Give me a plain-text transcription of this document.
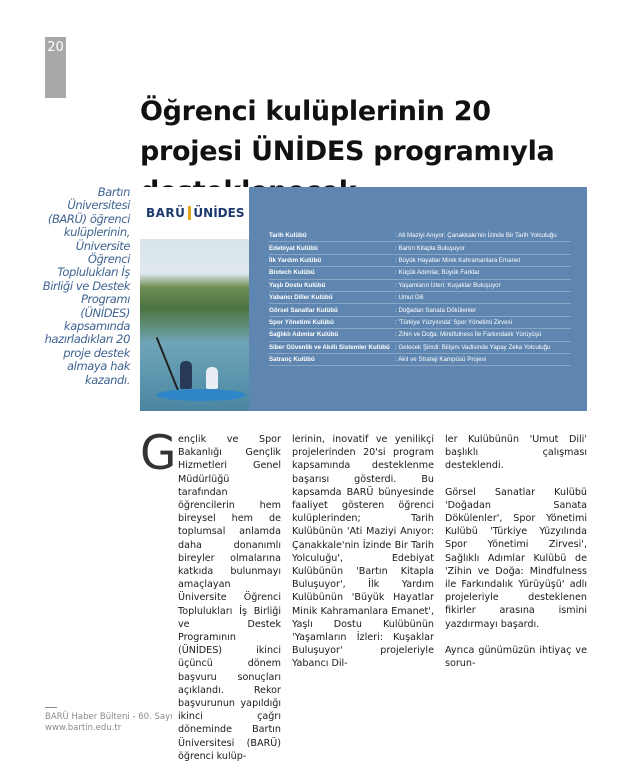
20
Öğrenci kulüplerinin 20 projesi ÜNİDES programıyla
Bartın Üniversitesi (BARÜ) öğrenci kulüplerinin, Üniversite Öğrenci Toplulukları İş Birliği ve Destek Programı (ÜNİDES) kapsamında hazırladıkları 20 proje destek almaya hak kazandı.
BARÜ ÜNİDES
Tarih Kulübü	: Ati Maziyi Anıyor: Çanakkale'nin İzinde Bir Tarih Yolculuğu
Edebiyat Kulübü	: Bartın Kitapla Buluşuyor
İlk Yardım Kulübü	: Büyük Hayatlar Minik Kahramanlara Emanet
Biotech Kulübü	: Küçük Adımlar, Büyük Farklar
Yaşlı Dostu Kulübü	: Yaşamların İzleri: Kuşaklar Buluşuyor
Yabancı Diller Kulübü	: Umut Dili
Görsel Sanatlar Kulübü	: Doğadan Sanata Dökülenler
Spor Yönetimi Kulübü	: 'Türkiye Yüzyılında' Spor Yönetimi Zirvesi
Sağlıklı Adımlar Kulübü	: Zihin ve Doğa: Mindfulness İle Farkındalık Yürüyüşü
Siber Güvenlik ve Akıllı Sistemler Kulübü : Gelecek Şimdi: Bilişim Vadisinde Yapay Zeka Yolculuğu
Satranç Kulübü	: Akıl ve Strateji Kampüsü Projesi
G ençlik ve Spor Bakanlığı Gençlik Hizmetleri Genel Müdürlüğü tarafından öğrencilerin hem bireysel hem de toplumsal anlamda daha donanımlı bireyler olmalarına katkıda bulunmayı amaçlayan Üniversite Öğrenci Toplulukları İş Birliği ve Destek Programının (ÜNİDES) ikinci üçüncü dönem başvuru sonuçları açıklandı. Rekor başvurunun yapıldığı ikinci çağrı döneminde Bartın Üniversitesi (BARÜ) öğrenci kulüp-
lerinin, inovatif ve yenilikçi projelerinden 20'si program kapsamında desteklenme başarısı gösterdi. Bu kapsamda BARÜ bünyesinde faaliyet gösteren öğrenci kulüplerinden; Tarih Kulübünün 'Ati Maziyi Anıyor: Çanakkale'nin İzinde Bir Tarih Yolculuğu', Edebiyat Kulübünün 'Bartın Kitapla Buluşuyor', İlk Yardım Kulübünün 'Büyük Hayatlar Minik Kahramanlara Emanet', Yaşlı Dostu Kulübünün 'Yaşamların İzleri: Kuşaklar Buluşuyor' projeleriyle Yabancı Dil-
ler Kulübünün 'Umut Dili' başlıklı çalışması desteklendi.
Görsel Sanatlar Kulübü 'Doğadan Sanata Dökülenler', Spor Yönetimi Kulübü 'Türkiye Yüzyılında Spor Yönetimi Zirvesi', Sağlıklı Adımlar Kulübü de 'Zihin ve Doğa: Mindfulness ile Farkındalık Yürüyüşü' adlı projeleriyle desteklenen fikirler arasına ismini yazdırmayı başardı.
Ayrıca günümüzün ihtiyaç ve sorun-
BARÜ Haber Bülteni - 60. Sayı
www.bartin.edu.tr
